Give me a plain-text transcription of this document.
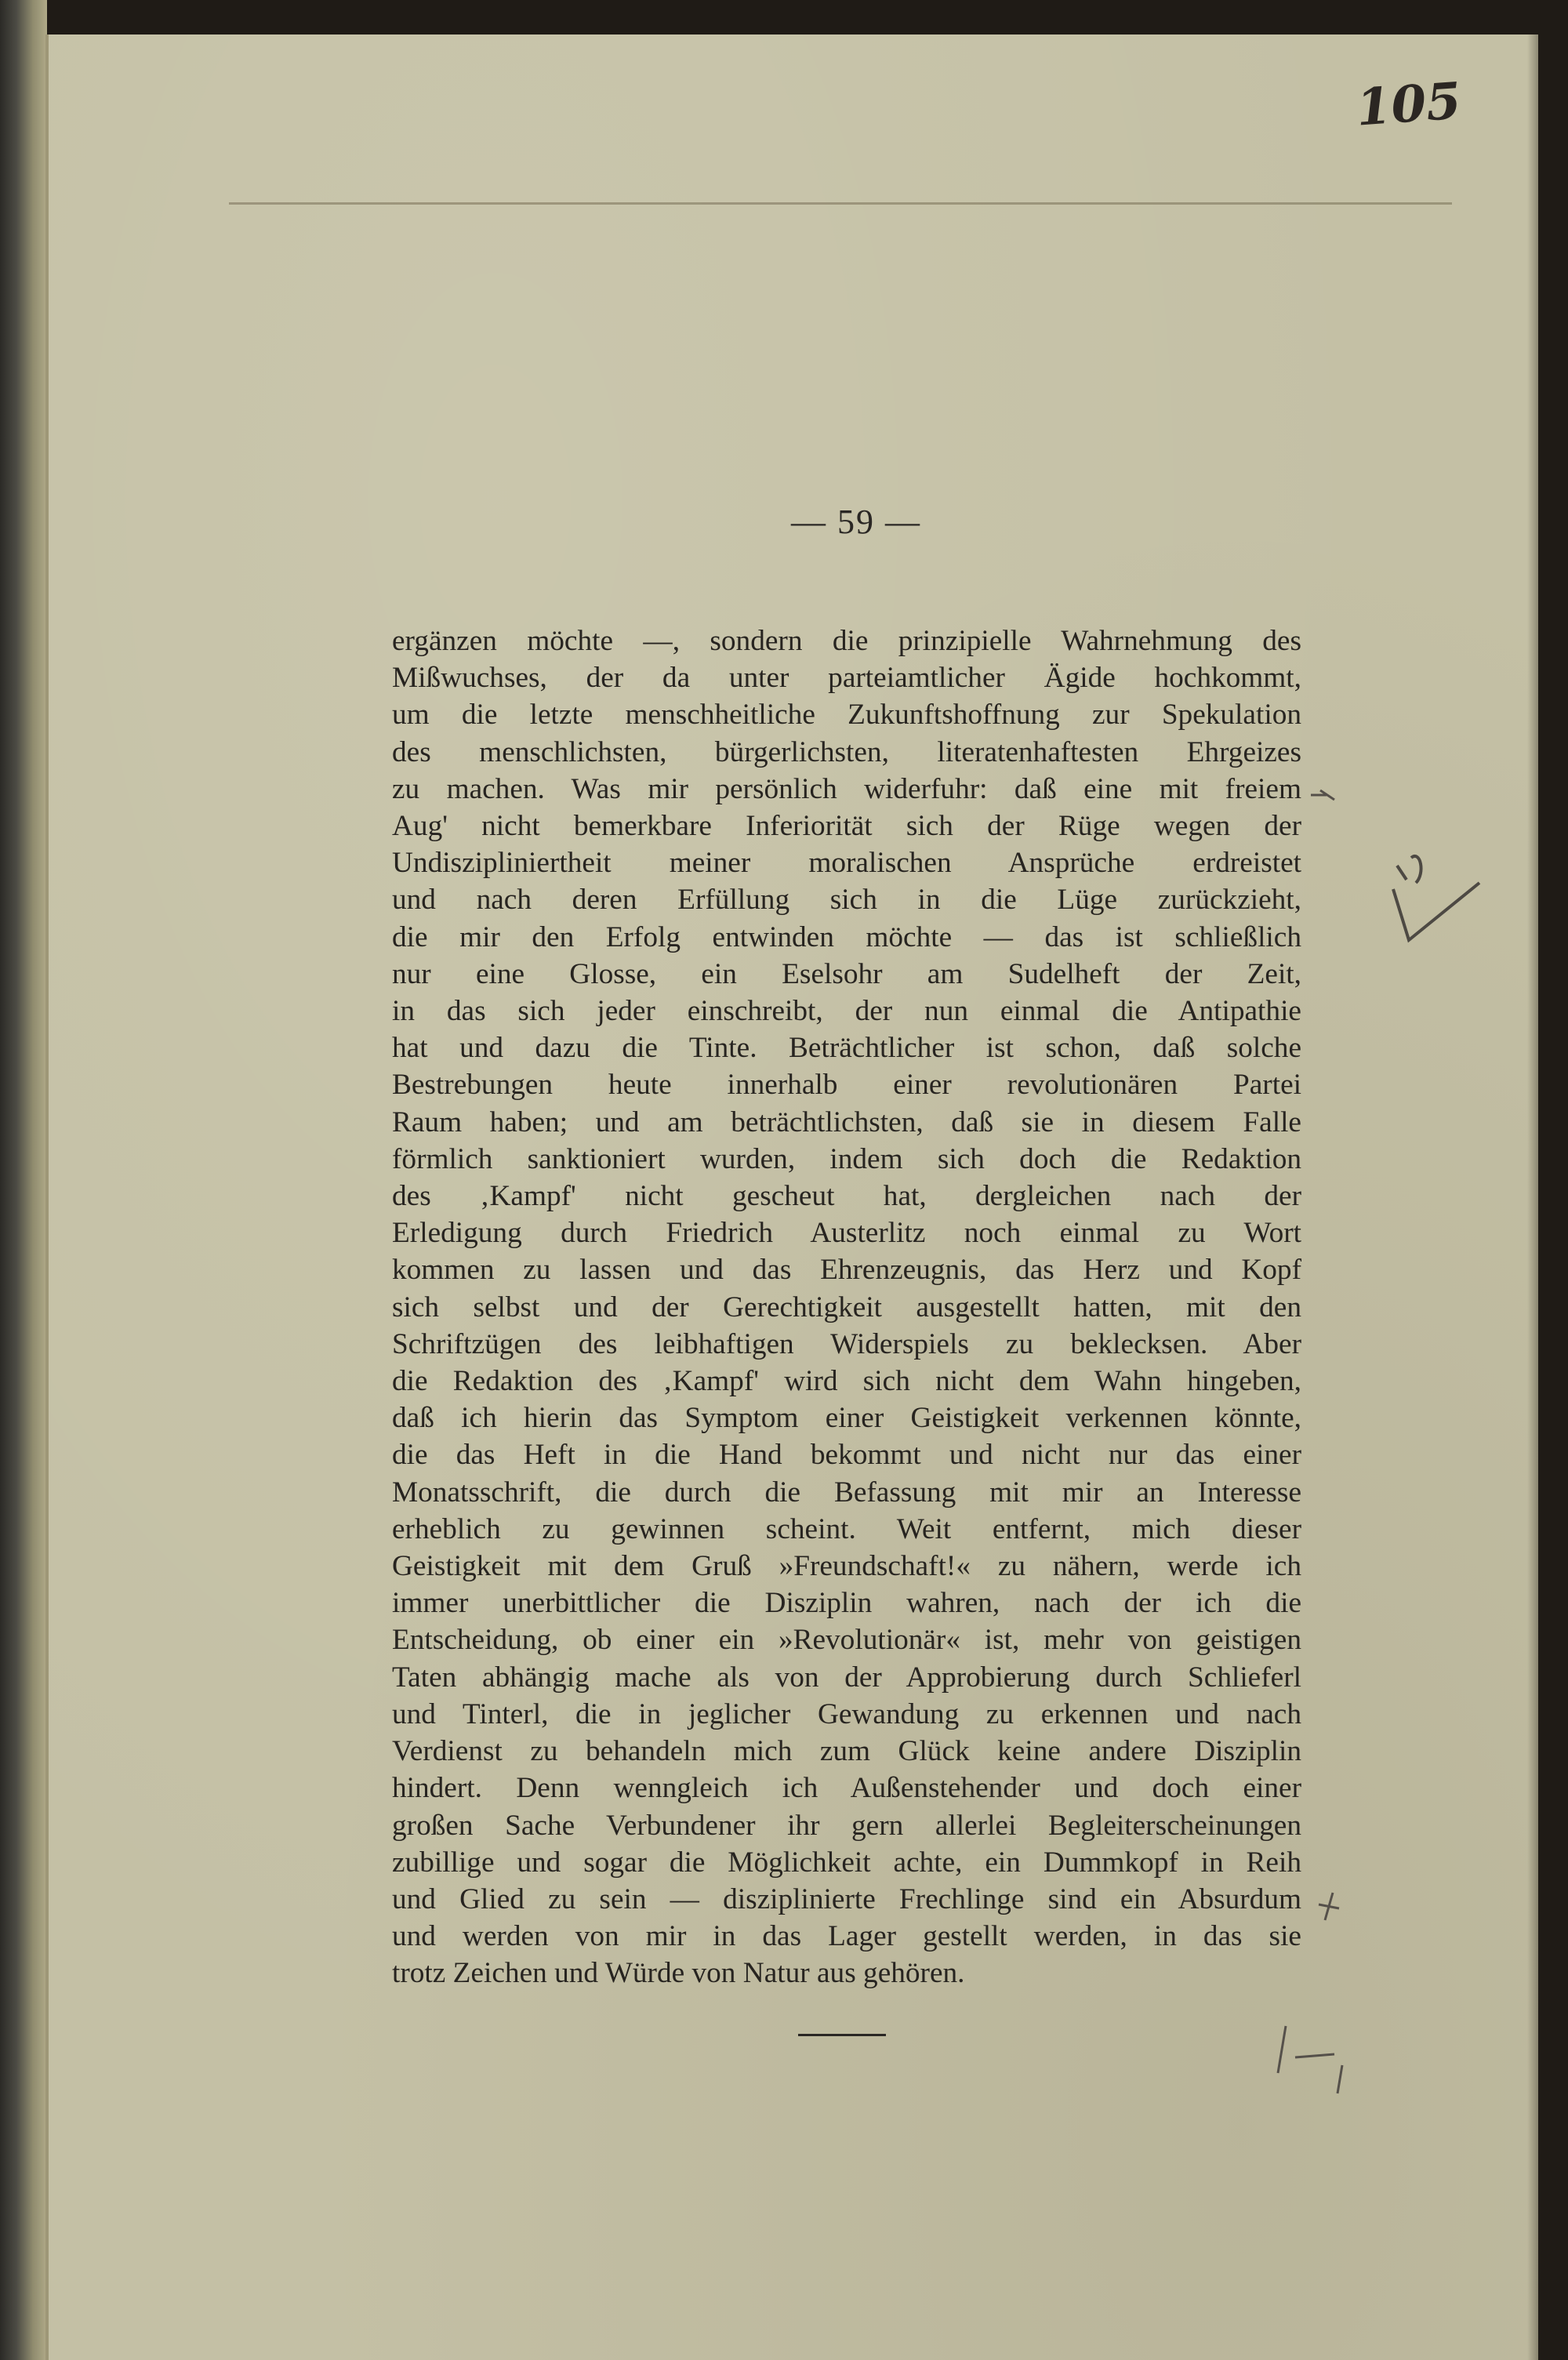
105
— 59 —
ergänzen möchte —, sondern die prinzipielle Wahrnehmung des
Mißwuchses, der da unter parteiamtlicher Ägide hochkommt,
um die letzte menschheitliche Zukunftshoffnung zur Spekulation
des menschlichsten, bürgerlichsten, literatenhaftesten Ehrgeizes
zu machen. Was mir persönlich widerfuhr: daß eine mit freiem
Aug' nicht bemerkbare Inferiorität sich der Rüge wegen der
Undiszipliniertheit meiner moralischen Ansprüche erdreistet
und nach deren Erfüllung sich in die Lüge zurückzieht,
die mir den Erfolg entwinden möchte — das ist schließlich
nur eine Glosse, ein Eselsohr am Sudelheft der Zeit,
in das sich jeder einschreibt, der nun einmal die Antipathie
hat und dazu die Tinte. Beträchtlicher ist schon, daß solche
Bestrebungen heute innerhalb einer revolutionären Partei
Raum haben; und am beträchtlichsten, daß sie in diesem Falle
förmlich sanktioniert wurden, indem sich doch die Redaktion
des ‚Kampf' nicht gescheut hat, dergleichen nach der
Erledigung durch Friedrich Austerlitz noch einmal zu Wort
kommen zu lassen und das Ehrenzeugnis, das Herz und Kopf
sich selbst und der Gerechtigkeit ausgestellt hatten, mit den
Schriftzügen des leibhaftigen Widerspiels zu beklecksen. Aber
die Redaktion des ‚Kampf' wird sich nicht dem Wahn hingeben,
daß ich hierin das Symptom einer Geistigkeit verkennen könnte,
die das Heft in die Hand bekommt und nicht nur das einer
Monatsschrift, die durch die Befassung mit mir an Interesse
erheblich zu gewinnen scheint. Weit entfernt, mich dieser
Geistigkeit mit dem Gruß »Freundschaft!« zu nähern, werde ich
immer unerbittlicher die Disziplin wahren, nach der ich die
Entscheidung, ob einer ein »Revolutionär« ist, mehr von geistigen
Taten abhängig mache als von der Approbierung durch Schlieferl
und Tinterl, die in jeglicher Gewandung zu erkennen und nach
Verdienst zu behandeln mich zum Glück keine andere Disziplin
hindert. Denn wenngleich ich Außenstehender und doch einer
großen Sache Verbundener ihr gern allerlei Begleiterscheinungen
zubillige und sogar die Möglichkeit achte, ein Dummkopf in Reih
und Glied zu sein — disziplinierte Frechlinge sind ein Absurdum
und werden von mir in das Lager gestellt werden, in das sie
trotz Zeichen und Würde von Natur aus gehören.
